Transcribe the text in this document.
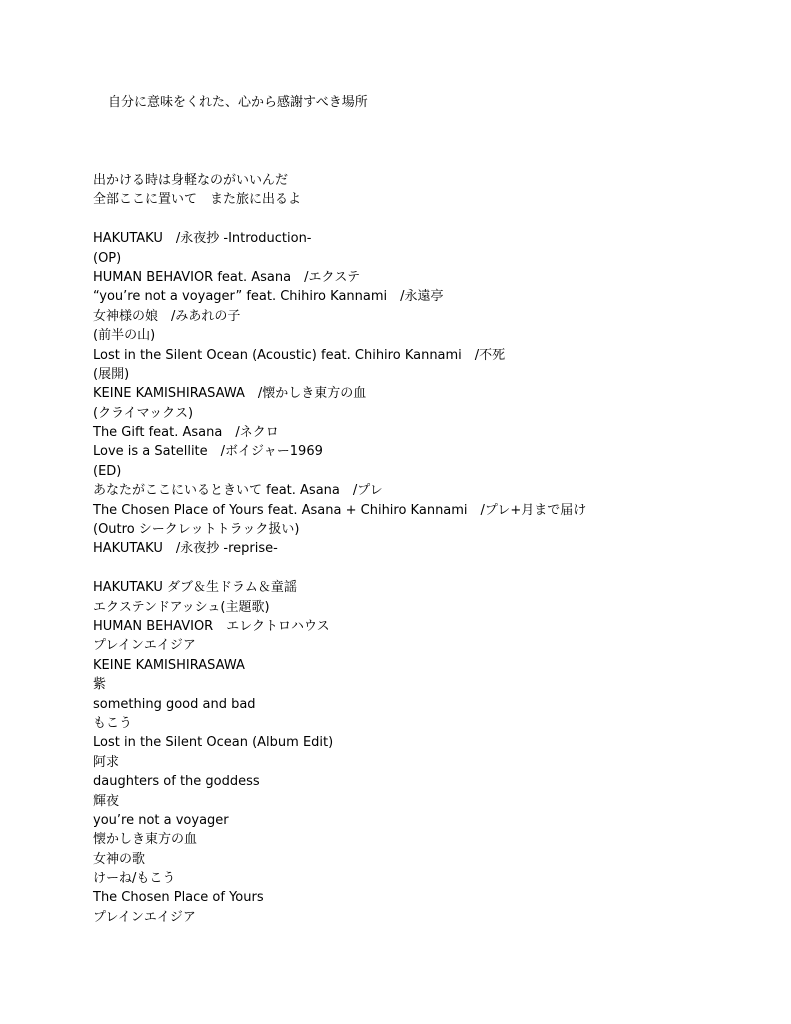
自分に意味をくれた、心から感謝すべき場所
出かける時は身軽なのがいいんだ
全部ここに置いて　また旅に出るよ
HAKUTAKU　/永夜抄 -Introduction-
(OP)
HUMAN BEHAVIOR feat. Asana　/エクステ
“you’re not a voyager” feat. Chihiro Kannami　/永遠亭
女神様の娘　/みあれの子
(前半の山)
Lost in the Silent Ocean (Acoustic) feat. Chihiro Kannami　/不死
(展開)
KEINE KAMISHIRASAWA　/懐かしき東方の血
(クライマックス)
The Gift feat. Asana　/ネクロ
Love is a Satellite　/ボイジャー1969
(ED)
あなたがここにいるときいて feat. Asana　/プレ
The Chosen Place of Yours feat. Asana + Chihiro Kannami　/プレ+月まで届け
(Outro シークレットトラック扱い)
HAKUTAKU　/永夜抄 -reprise-
HAKUTAKU ダブ＆生ドラム＆童謡
エクステンドアッシュ(主題歌)
HUMAN BEHAVIOR　エレクトロハウス
プレインエイジア
KEINE KAMISHIRASAWA
紫
something good and bad
もこう
Lost in the Silent Ocean (Album Edit)
阿求
daughters of the goddess
輝夜
you’re not a voyager
懐かしき東方の血
女神の歌
けーね/もこう
The Chosen Place of Yours
プレインエイジア
